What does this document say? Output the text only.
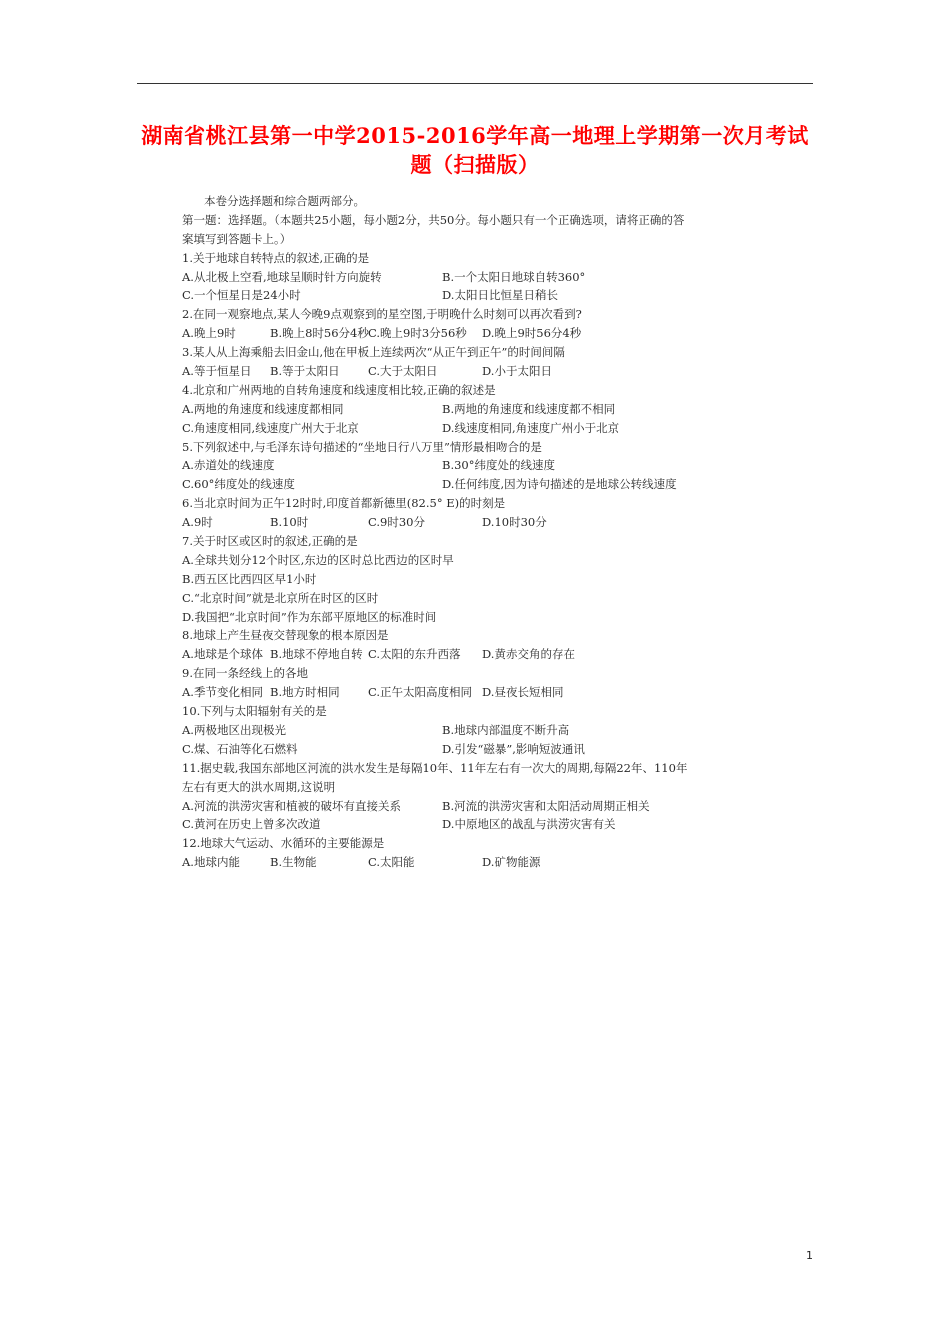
湖南省桃江县第一中学2015-2016学年高一地理上学期第一次月考试
题（扫描版）
本卷分选择题和综合题两部分。
第一题：选择题。（本题共25小题，每小题2分，共50分。每小题只有一个正确选项，请将正确的答
案填写到答题卡上。）
1.关于地球自转特点的叙述,正确的是
A.从北极上空看,地球呈顺时针方向旋转	B.一个太阳日地球自转360°
C.一个恒星日是24小时	D.太阳日比恒星日稍长
2.在同一观察地点,某人今晚9点观察到的星空图,于明晚什么时刻可以再次看到?
A.晚上9时	B.晚上8时56分4秒 C.晚上9时3分56秒 D.晚上9时56分4秒
3.某人从上海乘船去旧金山,他在甲板上连续两次“从正午到正午”的时间间隔
A.等于恒星日 B.等于太阳日 C.大于太阳日	D.小于太阳日
4.北京和广州两地的自转角速度和线速度相比较,正确的叙述是
A.两地的角速度和线速度都相同	B.两地的角速度和线速度都不相同
C.角速度相同,线速度广州大于北京	D.线速度相同,角速度广州小于北京
5.下列叙述中,与毛泽东诗句描述的“坐地日行八万里”情形最相吻合的是
A.赤道处的线速度	B.30°纬度处的线速度
C.60°纬度处的线速度	D.任何纬度,因为诗句描述的是地球公转线速度
6.当北京时间为正午12时时,印度首都新德里(82.5° E)的时刻是
A.9时	B.10时	C.9时30分	D.10时30分
7.关于时区或区时的叙述,正确的是
A.全球共划分12个时区,东边的区时总比西边的区时早
B.西五区比西四区早1小时
C.“北京时间”就是北京所在时区的区时
D.我国把“北京时间”作为东部平原地区的标准时间
8.地球上产生昼夜交替现象的根本原因是
A.地球是个球体 B.地球不停地自转 C.太阳的东升西落 D.黄赤交角的存在
9.在同一条经线上的各地
A.季节变化相同 B.地方时相同 C.正午太阳高度相同 D.昼夜长短相同
10.下列与太阳辐射有关的是
A.两极地区出现极光	B.地球内部温度不断升高
C.煤、石油等化石燃料	D.引发“磁暴”,影响短波通讯
11.据史载,我国东部地区河流的洪水发生是每隔10年、11年左右有一次大的周期,每隔22年、110年
左右有更大的洪水周期,这说明
A.河流的洪涝灾害和植被的破坏有直接关系	B.河流的洪涝灾害和太阳活动周期正相关
C.黄河在历史上曾多次改道	D.中原地区的战乱与洪涝灾害有关
12.地球大气运动、水循环的主要能源是
A.地球内能	B.生物能	C.太阳能	D.矿物能源
1
